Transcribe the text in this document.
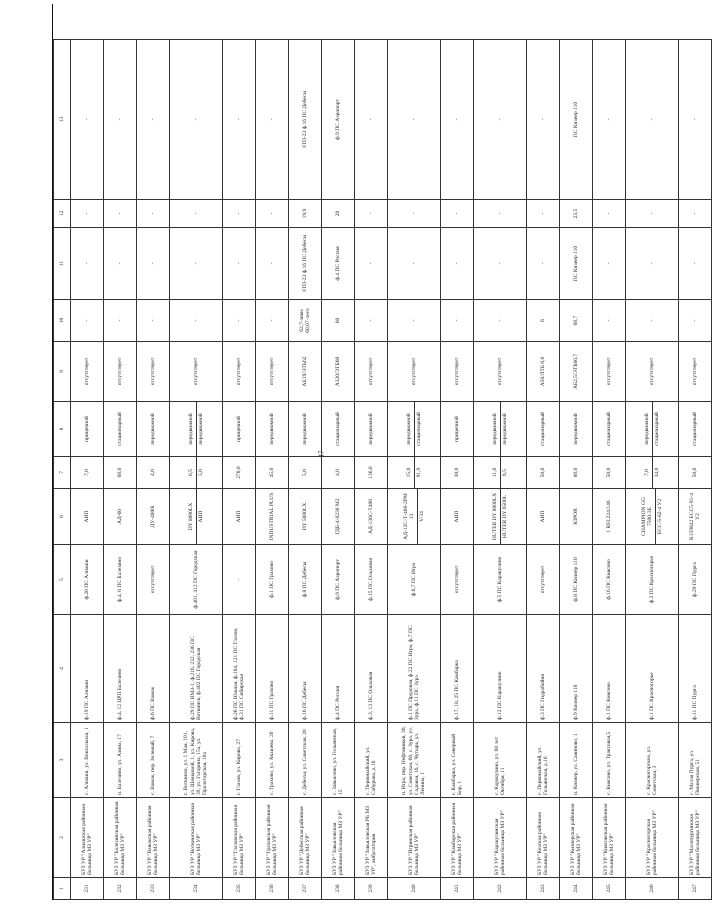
17
1	2	3	4	5	6	7	8	9	10	11	12	13
231	БУЗ УР "Алнашская районная больница МЗ УР"	с. Алнаши, ул. Вокзальная, 1	ф.19 ПС Алнаши	ф.20 ПС Алнаши	АИП	7,0	прицепной	отсутствует	-	-	-	-
232	БУЗ УР "Балезинская районная больница МЗ УР"	п. Балезино, ул. Азина, 17	ф.4, 12 ЦРП Балезино	ф.4, 6 ПС Балезино	АД-60	60,0	стационарный	отсутствует	-	-	-	-
233	БУЗ УР "Вавожская районная больница МЗ УР"	с. Вавож, пер. Зеленый, 7	ф.6 ПС Вавож	отсутствует	ДУ-4000i	4,0	передвижной	отсутствует	-	-	-	-
234	БУЗ УР "Воткинская районная больница МЗ УР"	г. Воткинск, ул. 1 Мая, 101, ул. Шевцовой, 1, ул. Кирова, 39, ул. Гагарина, 15а, ул. Пролетарская, 10а	ф.29 ПС ВМЗ-1, ф.216, 232, 236 ПС Воткинск, ф.402 ПС Городская	ф.401, 412 ПС Городская	DY 8000LX АИП	6,5 5,0	передвижной передвижной	отсутствует	-	-	-	-
235	БУЗ УР "Глазовская районная больница МЗ УР"	г. Глазов, ул. Кирова, 27	ф.26 ПС Южная, ф.104, 121 ПС Глазов, ф.31 ПС Сибирская	-	АИП	270,0	прицепной	отсутствует	-	-	-	-
236	БУЗ УР "Граховская районная больница МЗ УР"	с. Грахово, ул. Акашева, 20	ф.11 ПС Грахово	ф.1 ПС Грахово	INDUSTRIAL PLUS	45,0	передвижной	отсутствует	-	-	-	-
237	БУЗ УР "Дебесская районная больница МЗ УР"	с. Дебесы, ул. Советская, 20	ф.16 ПС Дебесы	ф.8 ПС Дебесы	DY 5000LX	5,0	передвижной	АЕ19/ЭТБ62	62,7-зима 60,07-лето	ЗТП-23 ф.16 ПС Дебесы	19,9	ЗТП-23 ф.16 ПС Дебесы
238	БУЗ УР "Завьяловская районная больница МЗ УР"	с. Завьялово, ул. Гольянская, 15	ф.4 ПС Россия	ф.9 ПС Аэропорт	ГДБ-4-0230 М2	4,0	стационарный	А320/ЭТБ60	60	ф.4 ПС Россия	20	ф.9 ПС Аэропорт
239	БУЗ УР "Завьяловская РБ МЗ УР", амбулатория	с. Первомайский, ул. Сабурова, д.16	ф.3, 13 ПС Ольховая	ф.15 ПС Ольховая	АД-136С-Т400	136,0	передвижной	отсутствует	-	-	-	-
240	БУЗ УР "Игринская районная больница МЗ УР"	п. Игра, пер. Нефтяников, 36, ул. Советская, 60, с. Зура, ул. Садовая, 16, с. Чутырь, ул. Ленина, 1	ф.1 ПС Прудовая, ф.22 ПС Игра, ф.7 ПС Зура, ф.11 ПС Зура	ф.6,7 ПС Игра	АД-12С-Т-400-2РМ 13 V-34	15,0 91,9	передвижной стационарный	отсутствует	-	-	-	-
241	БУЗ УР "Камбарская районная больница МЗ УР"	г. Камбарка, ул. Северный Бор, 1	ф.17, 18, 25 ПС Камбарка	отсутствует	АИП	30,0	прицепной	отсутствует	-	-	-	-
242	БУЗ УР "Каракулинская районная больница МЗ УР"	с. Каракулино, ул. 60 лет Октября, 11	ф.12 ПС Каракулино	ф.5 ПС Каракулино	HUTER DY 8000LX HUTER DY 6500L	11,0 6,5	передвижной передвижной	отсутствует	-	-	-	-
243	БУЗ УР "Кезская районная больница МЗ УР"	с. Первомайский, ул. Гольянская, д.16	ф.3 ПС Гидрабойня	отсутствует	АИП	50,0	стационарный	А50/ЛТБ 6,0	6	-	-	-
244	БУЗ УР "Кизнерская районная больница МЗ УР"	п. Кизнер, ул. Савиново, 1	ф.9 Кизнер 110	ф.8 ПС Кизнер 110	KIPOR	80,0	передвижной	АБ2,5/ЭТБ60,7	60,7	ПС Кизнер 110	23,5	ПС Кизнер 110
245	БУЗ УР "Киясовская районная больница МЗ УР"	с. Киясово, ул. Трактовая,5	ф.1 ПС Киясово	ф.16 ПС Киясово	1 RFL224/146	50,0	стационарный	отсутствует	-	-	-	-
246	БУЗ УР "Красногорская районная больница МЗ УР"	с. Красногорское, ул. Советская, 3	ф.1 ПС Красногорье	ф.2 ПС Красногорье	CHAMPION GG 7500-3E ECC-5-82-4 У2	7,0 34,0	передвижной стационарный	отсутствует	-	-	-	-
247	БУЗ УР "Малопургинская районная больница МЗ УР"	с. Малая Пурга, ул. Пионерская, 51	ф.11 ПС Пурга	ф.29 ПС Пурга	К159842 ЕСС5-91-4 У2	50,0	стационарный	отсутствует	-	-	-	-
